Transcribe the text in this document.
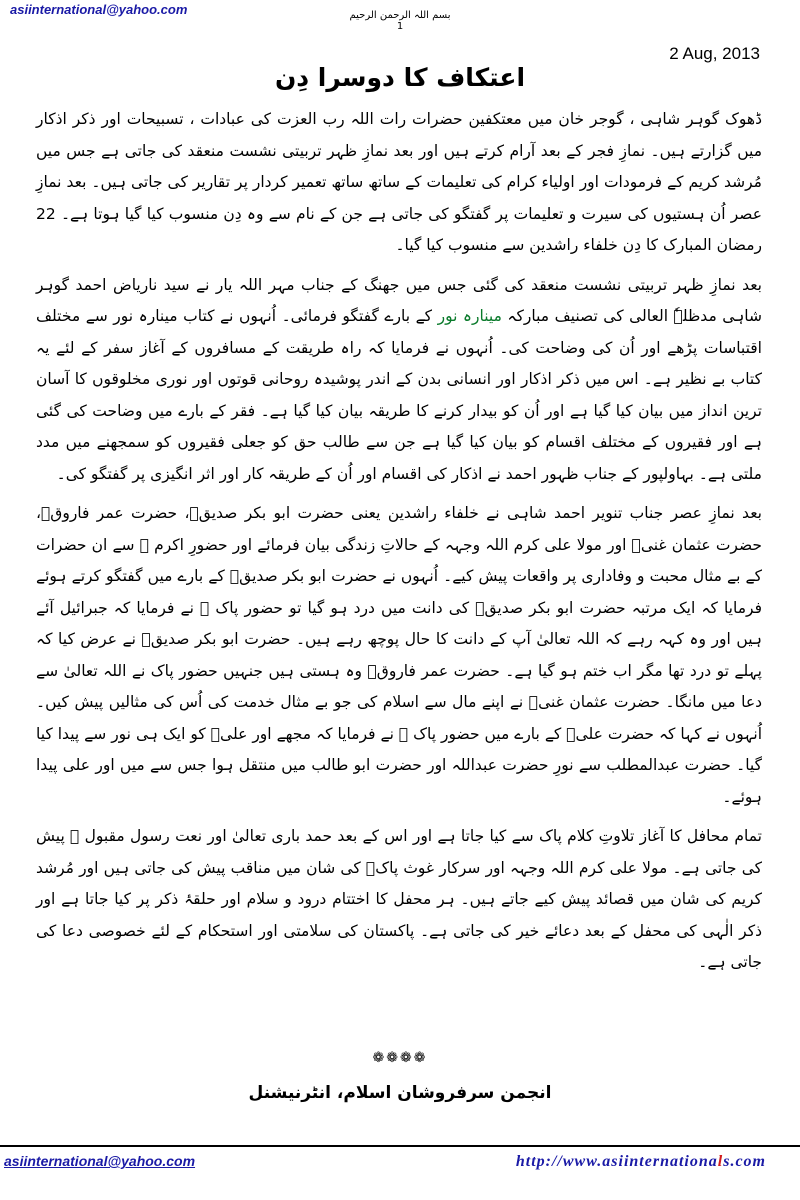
asiinternational@yahoo.com	بسم اللہ الرحمن الرحیم
1
2 Aug, 2013
اعتکاف کا دوسرا دِن

ڈھوک گوہر شاہی ، گوجر خان میں معتکفین حضرات رات اللہ رب العزت کی عبادات ، تسبیحات اور ذکر اذکار میں گزارتے ہیں۔ نمازِ فجر کے بعد آرام کرتے ہیں اور بعد نمازِ ظہر تربیتی نشست منعقد کی جاتی ہے جس میں مُرشد کریم کے فرمودات اور اولیاء کرام کی تعلیمات کے ساتھ ساتھ تعمیر کردار پر تقاریر کی جاتی ہیں۔ بعد نمازِ عصر اُن ہستیوں کی سیرت و تعلیمات پر گفتگو کی جاتی ہے جن کے نام سے وہ دِن منسوب کیا گیا ہوتا ہے۔ 22 رمضان المبارک کا دِن خلفاء راشدین سے منسوب کیا گیا۔

بعد نمازِ ظہر تربیتی نشست منعقد کی گئی جس میں جھنگ کے جناب مہر اللہ یار نے سید ناریاض احمد گوہر شاہی مدظلہٗ العالی کی تصنیف مبارکہ مینارہ نور کے بارے گفتگو فرمائی۔ اُنہوں نے کتاب مینارہ نور سے مختلف اقتباسات پڑھے اور اُن کی وضاحت کی۔ اُنہوں نے فرمایا کہ راہ طریقت کے مسافروں کے آغاز سفر کے لئے یہ کتاب بے نظیر ہے۔ اس میں ذکر اذکار اور انسانی بدن کے اندر پوشیدہ روحانی قوتوں اور نوری مخلوقوں کا آسان ترین انداز میں بیان کیا گیا ہے اور اُن کو بیدار کرنے کا طریقہ بیان کیا گیا ہے۔ فقر کے بارے میں وضاحت کی گئی ہے اور فقیروں کے مختلف اقسام کو بیان کیا گیا ہے جن سے طالب حق کو جعلی فقیروں کو سمجھنے میں مدد ملتی ہے۔ بہاولپور کے جناب ظہور احمد نے اذکار کی اقسام اور اُن کے طریقہ کار اور اثر انگیزی پر گفتگو کی۔

بعد نمازِ عصر جناب تنویر احمد شاہی نے خلفاء راشدین یعنی حضرت ابو بکر صدیقؓ، حضرت عمر فاروقؓ، حضرت عثمان غنیؓ اور مولا علی کرم اللہ وجہہ کے حالاتِ زندگی بیان فرمائے اور حضورِ اکرم ﷺ سے ان حضرات کے بے مثال محبت و وفاداری پر واقعات پیش کیے۔ اُنہوں نے حضرت ابو بکر صدیقؓ کے بارے میں گفتگو کرتے ہوئے فرمایا کہ ایک مرتبہ حضرت ابو بکر صدیقؓ کی دانت میں درد ہو گیا تو حضور پاک ﷺ نے فرمایا کہ جبرائیل آئے ہیں اور وہ کہہ رہے کہ اللہ تعالیٰ آپ کے دانت کا حال پوچھ رہے ہیں۔ حضرت ابو بکر صدیقؓ نے عرض کیا کہ پہلے تو درد تھا مگر اب ختم ہو گیا ہے۔ حضرت عمر فاروقؓ وہ ہستی ہیں جنہیں حضور پاک نے اللہ تعالیٰ سے دعا میں مانگا۔ حضرت عثمان غنیؓ نے اپنے مال سے اسلام کی جو بے مثال خدمت کی اُس کی مثالیں پیش کیں۔ اُنہوں نے کہا کہ حضرت علیؓ کے بارے میں حضور پاک ﷺ نے فرمایا کہ مجھے اور علیؓ کو ایک ہی نور سے پیدا کیا گیا۔ حضرت عبدالمطلب سے نورِ حضرت عبداللہ اور حضرت ابو طالب میں منتقل ہوا جس سے میں اور علی پیدا ہوئے۔

تمام محافل کا آغاز تلاوتِ کلام پاک سے کیا جاتا ہے اور اس کے بعد حمد باری تعالیٰ اور نعت رسول مقبول ﷺ پیش کی جاتی ہے۔ مولا علی کرم اللہ وجہہ اور سرکار غوث پاکؓ کی شان میں مناقب پیش کی جاتی ہیں اور مُرشد کریم کی شان میں قصائد پیش کیے جاتے ہیں۔ ہر محفل کا اختتام درود و سلام اور حلقۂ ذکر پر کیا جاتا ہے اور ذکر الٰہی کی محفل کے بعد دعائے خیر کی جاتی ہے۔ پاکستان کی سلامتی اور استحکام کے لئے خصوصی دعا کی جاتی ہے۔

❁❁❁❁
انجمن سرفروشان اسلام، انٹرنیشنل
asiinternational@yahoo.com	http://www.asiinternationals.com
